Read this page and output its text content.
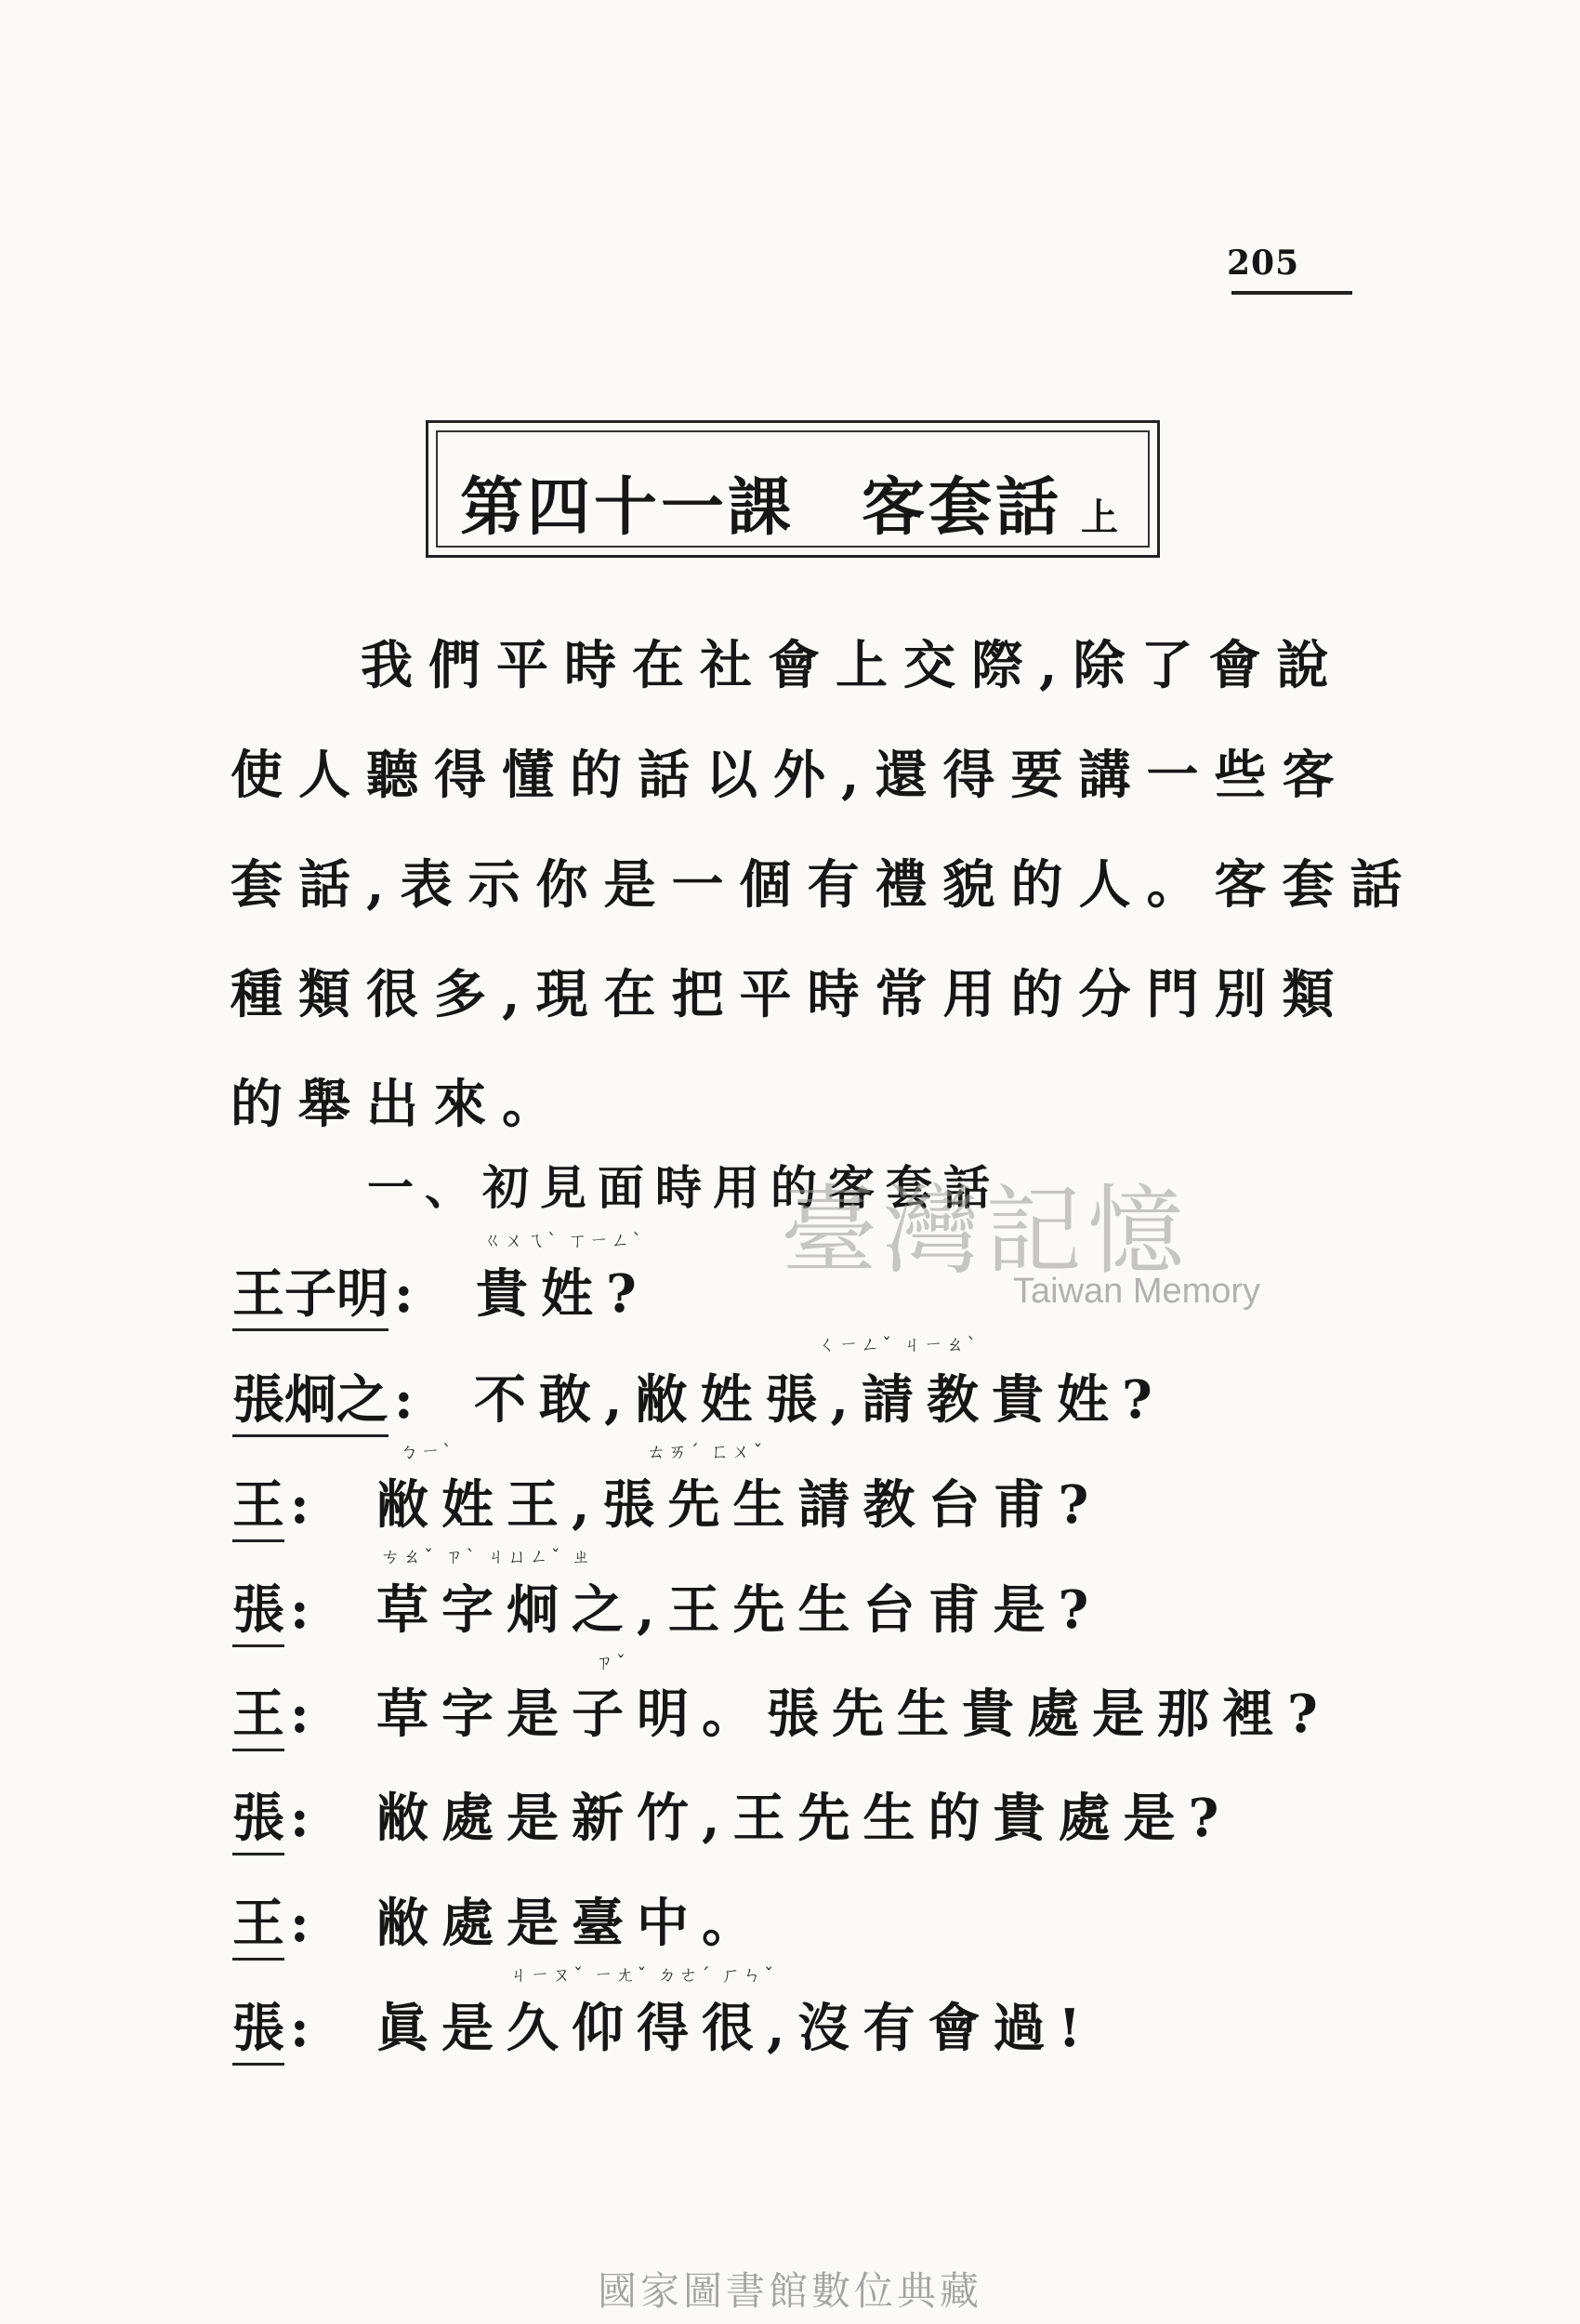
205
第四十一課　客套話 上
我們平時在社會上交際,除了會說
使人聽得懂的話以外,還得要講一些客
套話,表示你是一個有禮貌的人。客套話
種類很多,現在把平時常用的分門別類
的舉出來。
一、初見面時用的客套話
臺灣記憶
Taiwan Memory
ㄍㄨㄟˋ ㄒㄧㄥˋ
王子明 : 貴姓?
ㄑㄧㄥˇ ㄐㄧㄠˋ
張炯之 : 不敢,敝姓張,請教貴姓?
ㄅㄧˋ　　　　　　　　　ㄊㄞˊ ㄈㄨˇ
王 : 敝姓王,張先生請教台甫?
ㄘㄠˇ ㄗˋ ㄐㄩㄥˇ ㄓ
張 : 草字炯之,王先生台甫是?
ㄗˇ
王 : 草字是子明。張先生貴處是那裡?
張 : 敝處是新竹,王先生的貴處是?
王 : 敝處是臺中。
ㄐㄧㄡˇ ㄧㄤˇ ㄉㄜˊ ㄏㄣˇ
張 : 眞是久仰得很,沒有會過!
國家圖書館數位典藏
